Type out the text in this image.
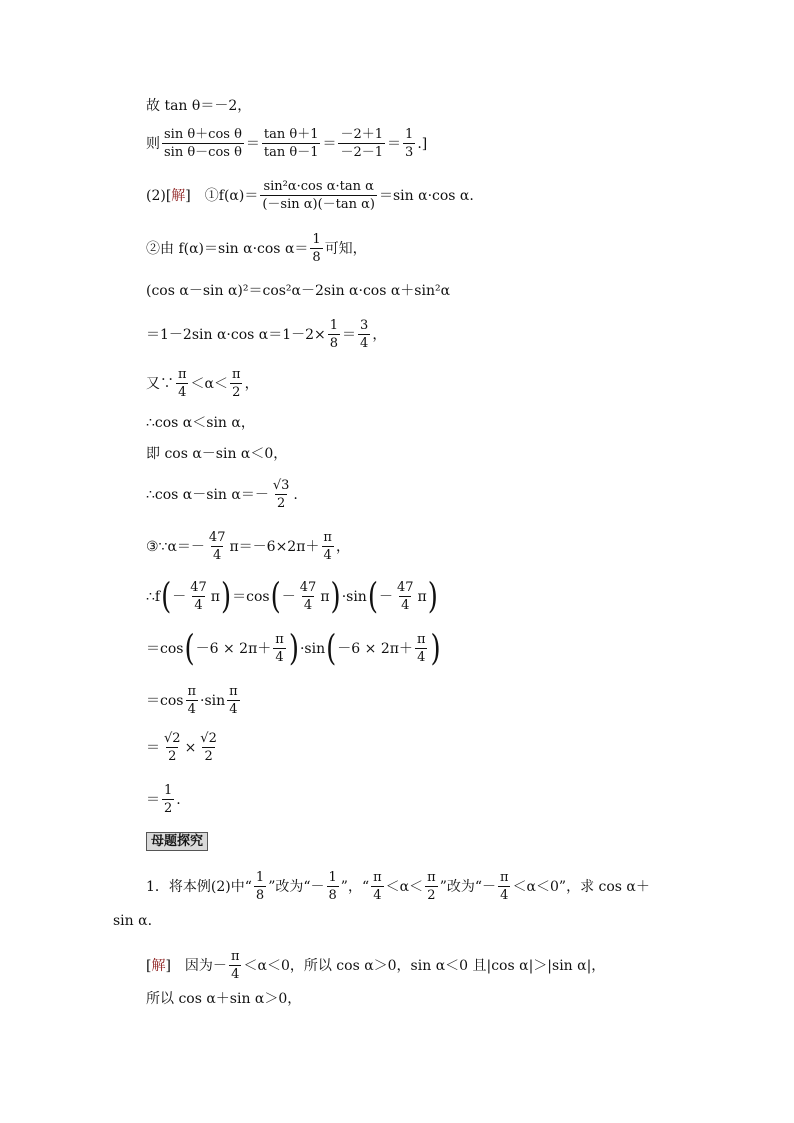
故 tan θ＝－2，
则 $\frac{\text{sin θ＋cos θ}}{\text{sin θ－cos θ}} = \frac{\text{tan θ＋1}}{\text{tan θ－1}} = \frac{-2+1}{-2-1} = \frac{1}{3}$ .]
(2)[ 解 ]　①f(α)＝ $\frac{\text{sin²α·cos α·tan α}}{\text{(－sin α)(－tan α)}} =\sin$ α·cos α.
②由 f(α)＝sin α·cos $\alpha= \frac{1}{8}$ 可知，
(cos α－sin α)²＝cos²α－2sin α·cos α＋sin²α
＝1－2sin α·cos $\alpha=1-2\times \frac{1}{8} = \frac{3}{4}$ ，
又∵ $\frac{\pi}{4} <\alpha< \frac{\pi}{2}$ ，
∴cos α＜sin α，
即 cos α－sin α＜0，
∴cos α－sin $\alpha=- \frac{√3}{2}$ .
③∵α＝－ $\frac{47}{4} \pi=-6\times 2\pi+ \frac{\pi}{4}$ ，
∴f ( － $\frac{47}{4}$ π ) ＝cos ( － $\frac{47}{4}$ π ) ·sin ( － $\frac{47}{4}$ π )
＝cos ( $-6 \times 2\pi+ \frac{\pi}{4}$ ) ·sin ( $-6 \times 2\pi+ \frac{\pi}{4}$ )
$=\cos \frac{\pi}{4} \cdot\sin \frac{\pi}{4}$
＝ $\frac{√2}{2} \times \frac{√2}{2}$
＝ $\frac{1}{2}$ .
母题探究
1．将本例(2)中“ $\frac{1}{8}$ ”改为“－ $\frac{1}{8}$ ”，“ $\frac{\pi}{4} <\alpha< \frac{\pi}{2}$ ”改为“－ $\frac{\pi}{4} <\alpha<0$”，求 cos α＋
sin α.
[ 解 ]　因为－ $\frac{\pi}{4} <\alpha<0$，所以 cos α＞0，sin α＜0 且|cos α|＞|sin α|，
所以 cos α＋sin α＞0，
